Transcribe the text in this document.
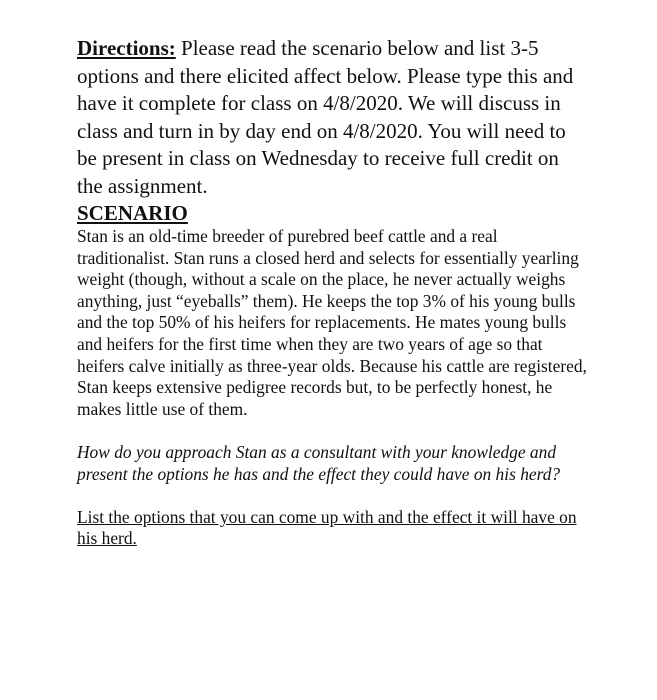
Directions: Please read the scenario below and list 3-5 options and there elicited affect below. Please type this and have it complete for class on 4/8/2020. We will discuss in class and turn in by day end on 4/8/2020. You will need to be present in class on Wednesday to receive full credit on the assignment.

SCENARIO

Stan is an old-time breeder of purebred beef cattle and a real traditionalist. Stan runs a closed herd and selects for essentially yearling weight (though, without a scale on the place, he never actually weighs anything, just “eyeballs” them). He keeps the top 3% of his young bulls and the top 50% of his heifers for replacements. He mates young bulls and heifers for the first time when they are two years of age so that heifers calve initially as three-year olds. Because his cattle are registered, Stan keeps extensive pedigree records but, to be perfectly honest, he makes little use of them.

How do you approach Stan as a consultant with your knowledge and present the options he has and the effect they could have on his herd?

List the options that you can come up with and the effect it will have on his herd.
